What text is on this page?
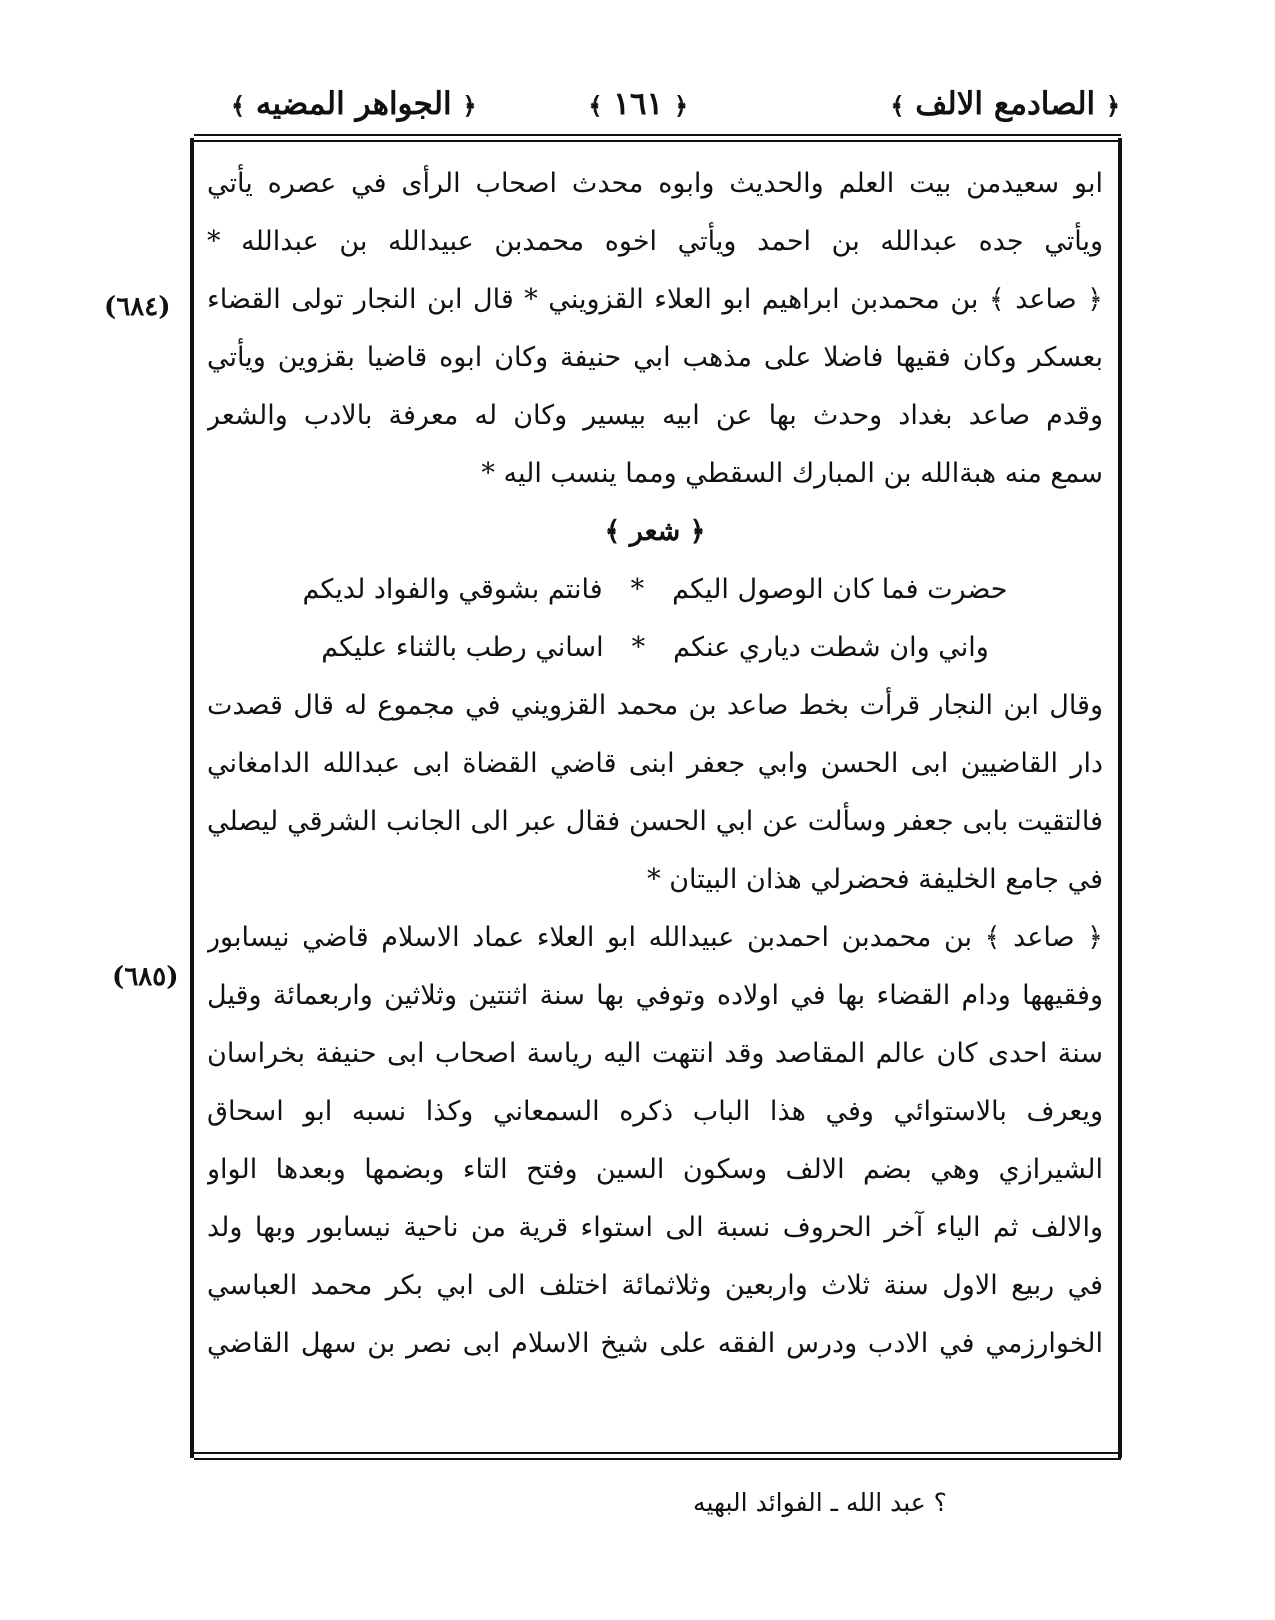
﴿ الصادمع الالف ﴾
﴿ ١٦١ ﴾
﴿ الجواهر المضيه ﴾
ابو سعيدمن بيت العلم والحديث وابوه محدث اصحاب الرأى في عصره يأتي
ويأتي جده عبدالله بن احمد ويأتي اخوه محمدبن عبيدالله بن عبدالله *
﴿ صاعد ﴾ بن محمدبن ابراهيم ابو العلاء القزويني * قال ابن النجار تولى القضاء
بعسكر وكان فقيها فاضلا على مذهب ابي حنيفة وكان ابوه قاضيا بقزوين ويأتي
وقدم صاعد بغداد وحدث بها عن ابيه بيسير وكان له معرفة بالادب والشعر
سمع منه هبةالله بن المبارك السقطي ومما ينسب اليه *
﴿ شعر ﴾
حضرت فما كان الوصول اليكم*فانتم بشوقي والفواد لديكم
واني وان شطت دياري عنكم*اساني رطب بالثناء عليكم
وقال ابن النجار قرأت بخط صاعد بن محمد القزويني في مجموع له قال قصدت
دار القاضيين ابى الحسن وابي جعفر ابنى قاضي القضاة ابى عبدالله الدامغاني
فالتقيت بابى جعفر وسألت عن ابي الحسن فقال عبر الى الجانب الشرقي ليصلي
في جامع الخليفة فحضرلي هذان البيتان *
﴿ صاعد ﴾ بن محمدبن احمدبن عبيدالله ابو العلاء عماد الاسلام قاضي نيسابور
وفقيهها ودام القضاء بها في اولاده وتوفي بها سنة اثنتين وثلاثين واربعمائة وقيل
سنة احدى كان عالم المقاصد وقد انتهت اليه رياسة اصحاب ابى حنيفة بخراسان
ويعرف بالاستوائي وفي هذا الباب ذكره السمعاني وكذا نسبه ابو اسحاق
الشيرازي وهي بضم الالف وسكون السين وفتح التاء وبضمها وبعدها الواو
والالف ثم الياء آخر الحروف نسبة الى استواء قرية من ناحية نيسابور وبها ولد
في ربيع الاول سنة ثلاث واربعين وثلاثمائة اختلف الى ابي بكر محمد العباسي
الخوارزمي في الادب ودرس الفقه على شيخ الاسلام ابى نصر بن سهل القاضي
(٦٨٤)
(٦٨٥)
؟ عبد الله ـ الفوائد البهيه
